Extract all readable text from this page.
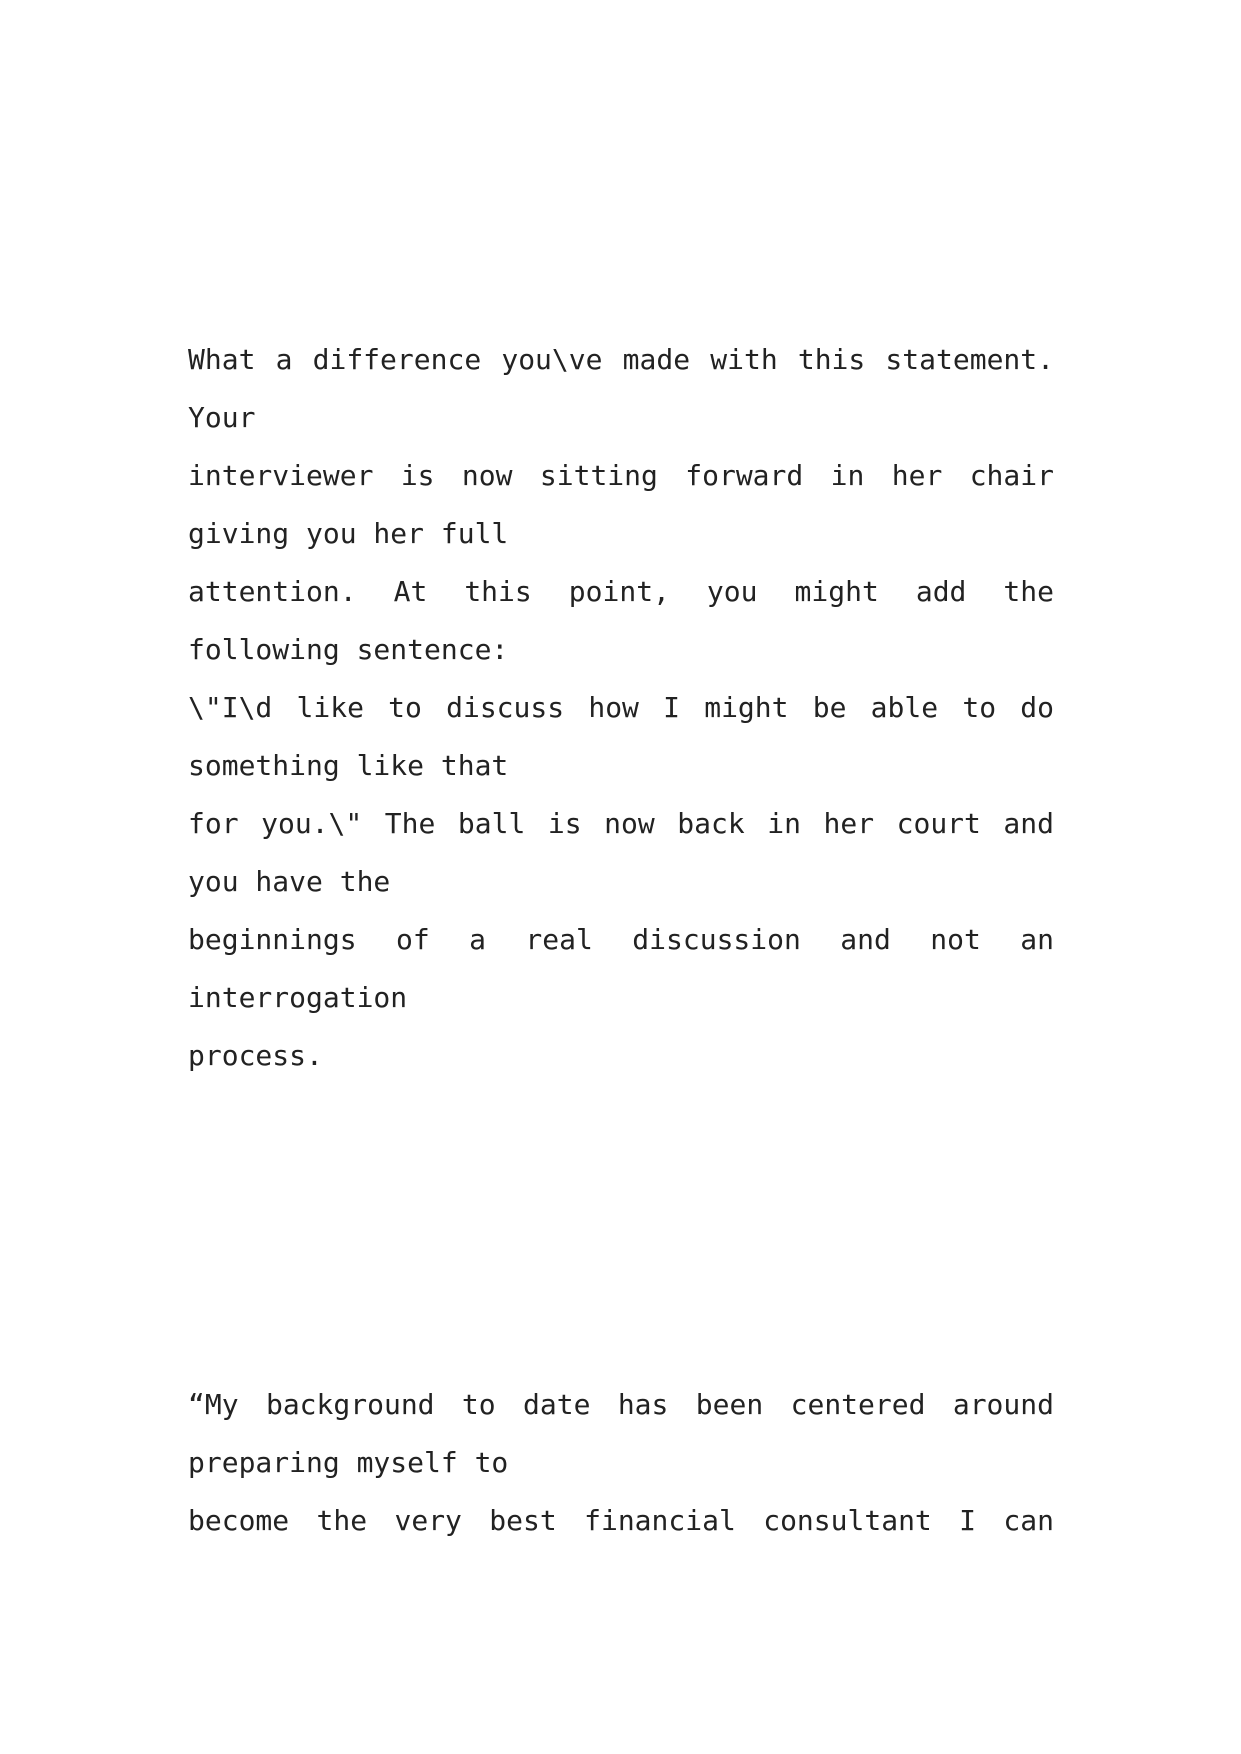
What a difference you\ve made with this statement.
Your
interviewer is now sitting forward in her chair
giving you her full
attention. At this point, you might add the
following sentence:
\"I\d like to discuss how I might be able to do
something like that
for you.\" The ball is now back in her court and
you have the
beginnings of a real discussion and not an
interrogation
process.
“My background to date has been centered around
preparing myself to
become the very best financial consultant I can
